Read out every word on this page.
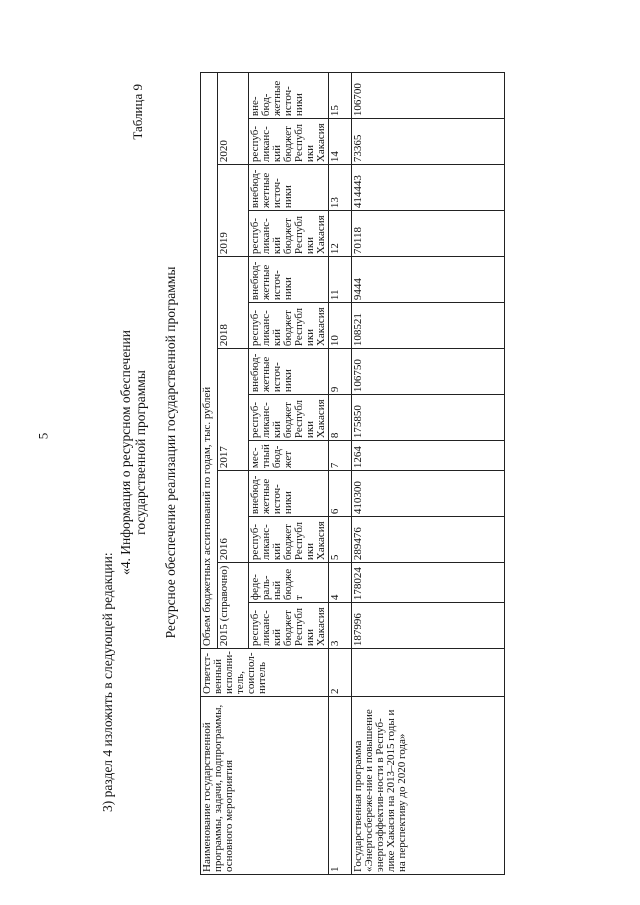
5
3) раздел 4 изложить в следующей редакции:
«4. Информация о ресурсном обеспечении государственной программы
Таблица 9
Ресурсное обеспечение реализации государственной программы
Наименование государственной программы, задачи, подпрограммы, основного мероприятия	Ответст-венный исполни-тель, соиспол-нитель	Объем бюджетных ассигнований по годам, тыс. рублей												
		2015 (справочно)		2016		2017			2018		2019		2020	
		респуб-ликанс-кий бюджет Республ ики Хакасия	феде-раль-ный бюдже т	респуб-ликанс-кий бюджет Республ ики Хакасия	внебюд-жетные источ-ники	мес-тный бюд-жет	респуб-ликанс-кий бюджет Республ ики Хакасия	внебюд-жетные источ-ники	респуб-ликанс-кий бюджет Республ ики Хакасия	внебюд-жетные источ-ники	респуб-ликанс-кий бюджет Республ ики Хакасия	внебюд-жетные источ-ники	респуб-ликанс-кий бюджет Республ ики Хакасия	вне-бюд-жетные источ-ники
1	2	3	4	5	6	7	8	9	10	11	12	13	14	15
Государственная программа «Энергосбереже-ние и повышение энергоэффектив-ности в Респуб-лике Хакасия на 2013–2015 годы и на перспективу до 2020 года»		187996	178024	289476	410300	1264	175850	106750	108521	9444	70118	414443	73365	106700
